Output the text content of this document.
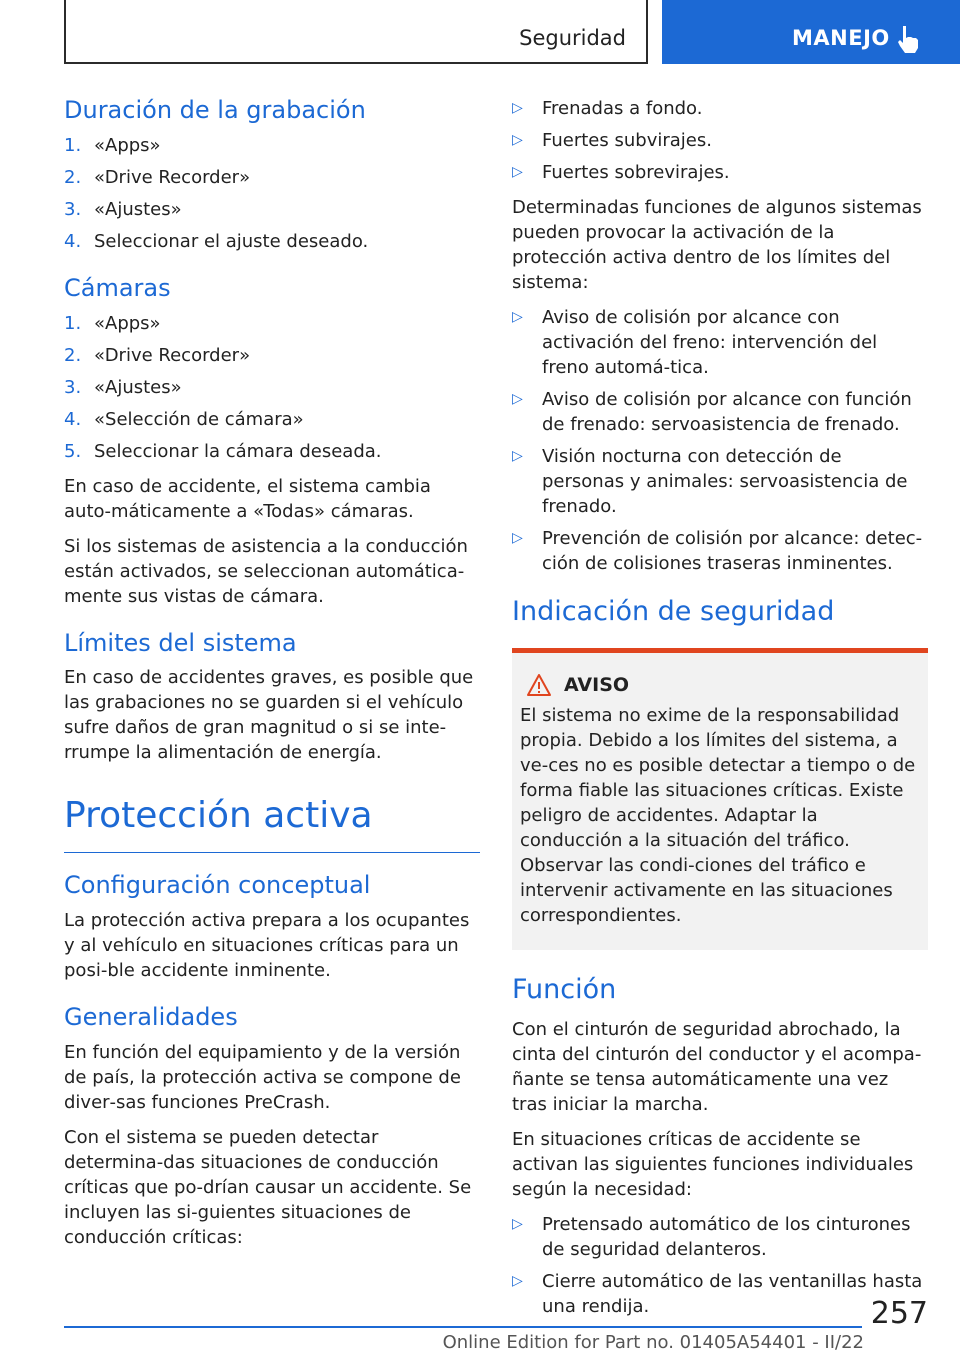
Seguridad	MANEJO
Duración de la grabación
1. «Apps»
2. «Drive Recorder»
3. «Ajustes»
4. Seleccionar el ajuste deseado.
Cámaras
1. «Apps»
2. «Drive Recorder»
3. «Ajustes»
4. «Selección de cámara»
5. Seleccionar la cámara deseada.

En caso de accidente, el sistema cambia auto‐máticamente a «Todas» cámaras.

Si los sistemas de asistencia a la conducción están activados, se seleccionan automática‐mente sus vistas de cámara.

Límites del sistema

En caso de accidentes graves, es posible que las grabaciones no se guarden si el vehículo sufre daños de gran magnitud o si se inte‐rrumpe la alimentación de energía.

Protección activa
Configuración conceptual

La protección activa prepara a los ocupantes y al vehículo en situaciones críticas para un posi‐ble accidente inminente.

Generalidades

En función del equipamiento y de la versión de país, la protección activa se compone de diver‐sas funciones PreCrash.

Con el sistema se pueden detectar determina‐das situaciones de conducción críticas que po‐drían causar un accidente. Se incluyen las si‐guientes situaciones de conducción críticas:

▷	Frenadas a fondo.
▷	Fuertes subvirajes.
▷	Fuertes sobrevirajes.

Determinadas funciones de algunos sistemas pueden provocar la activación de la protección activa dentro de los límites del sistema:

▷	Aviso de colisión por alcance con activación del freno: intervención del freno automá‐tica.
▷	Aviso de colisión por alcance con función de frenado: servoasistencia de frenado.
▷	Visión nocturna con detección de personas y animales: servoasistencia de frenado.
▷	Prevención de colisión por alcance: detec‐ción de colisiones traseras inminentes.
Indicación de seguridad
AVISO

El sistema no exime de la responsabilidad propia. Debido a los límites del sistema, a ve‐ces no es posible detectar a tiempo o de forma fiable las situaciones críticas. Existe peligro de accidentes. Adaptar la conducción a la situación del tráfico. Observar las condi‐ciones del tráfico e intervenir activamente en las situaciones correspondientes.

Función

Con el cinturón de seguridad abrochado, la cinta del cinturón del conductor y el acompa‐ñante se tensa automáticamente una vez tras iniciar la marcha.

En situaciones críticas de accidente se activan las siguientes funciones individuales según la necesidad:

▷	Pretensado automático de los cinturones de seguridad delanteros.
▷	Cierre automático de las ventanillas hasta una rendija.	257
Online Edition for Part no. 01405A54401 - II/22
